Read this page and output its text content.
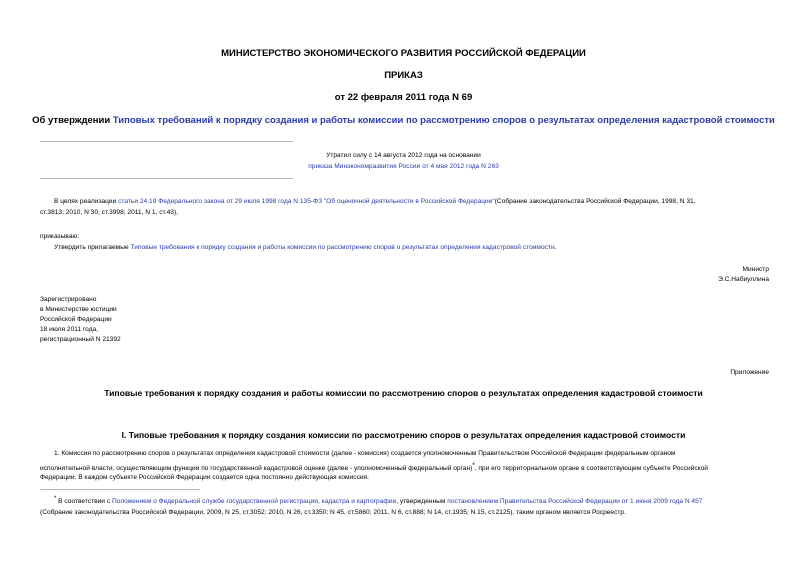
МИНИСТЕРСТВО ЭКОНОМИЧЕСКОГО РАЗВИТИЯ РОССИЙСКОЙ ФЕДЕРАЦИИ
ПРИКАЗ
от 22 февраля 2011 года N 69
Об утверждении Типовых требований к порядку создания и работы комиссии по рассмотрению споров о результатах определения кадастровой стоимости
Утратил силу с 14 августа 2012 года на основании
приказа Минэкономразвития России от 4 мая 2012 года N 263
В целях реализации статьи 24.19 Федерального закона от 29 июля 1998 года N 135-ФЗ "Об оценочной деятельности в Российской Федерации"(Собрание законодательства Российской Федерации, 1998, N 31,
ст.3813; 2010, N 30, ст.3998; 2011, N 1, ст.43),
приказываю:
Утвердить прилагаемые Типовые требования к порядку создания и работы комиссии по рассмотрению споров о результатах определения кадастровой стоимости.
Министр
Э.С.Набиуллина
Зарегистрировано
в Министерстве юстиции
Российской Федерации
18 июля 2011 года,
регистрационный N 21392
Приложение
Типовые требования к порядку создания и работы комиссии по рассмотрению споров о результатах определения кадастровой стоимости
I. Типовые требования к порядку создания комиссии по рассмотрению споров о результатах определения кадастровой стоимости
1. Комиссия по рассмотрению споров о результатах определения кадастровой стоимости (далее - комиссия) создается уполномоченным Правительством Российской Федерации федеральным органом
исполнительной власти, осуществляющим функции по государственной кадастровой оценке (далее - уполномоченный федеральный орган)*, при его территориальном органе в соответствующем субъекте Российской
Федерации. В каждом субъекте Российской Федерации создается одна постоянно действующая комиссия.
* В соответствии с Положением о Федеральной службе государственной регистрации, кадастра и картографии, утвержденным постановлением Правительства Российской Федерации от 1 июня 2009 года N 457
(Собрание законодательства Российской Федерации, 2009, N 25, ст.3052; 2010, N 26, ст.3350; N 45, ст.5860; 2011, N 6, ст.888; N 14, ст.1935; N 15, ст.2125), таким органом является Росреестр.
